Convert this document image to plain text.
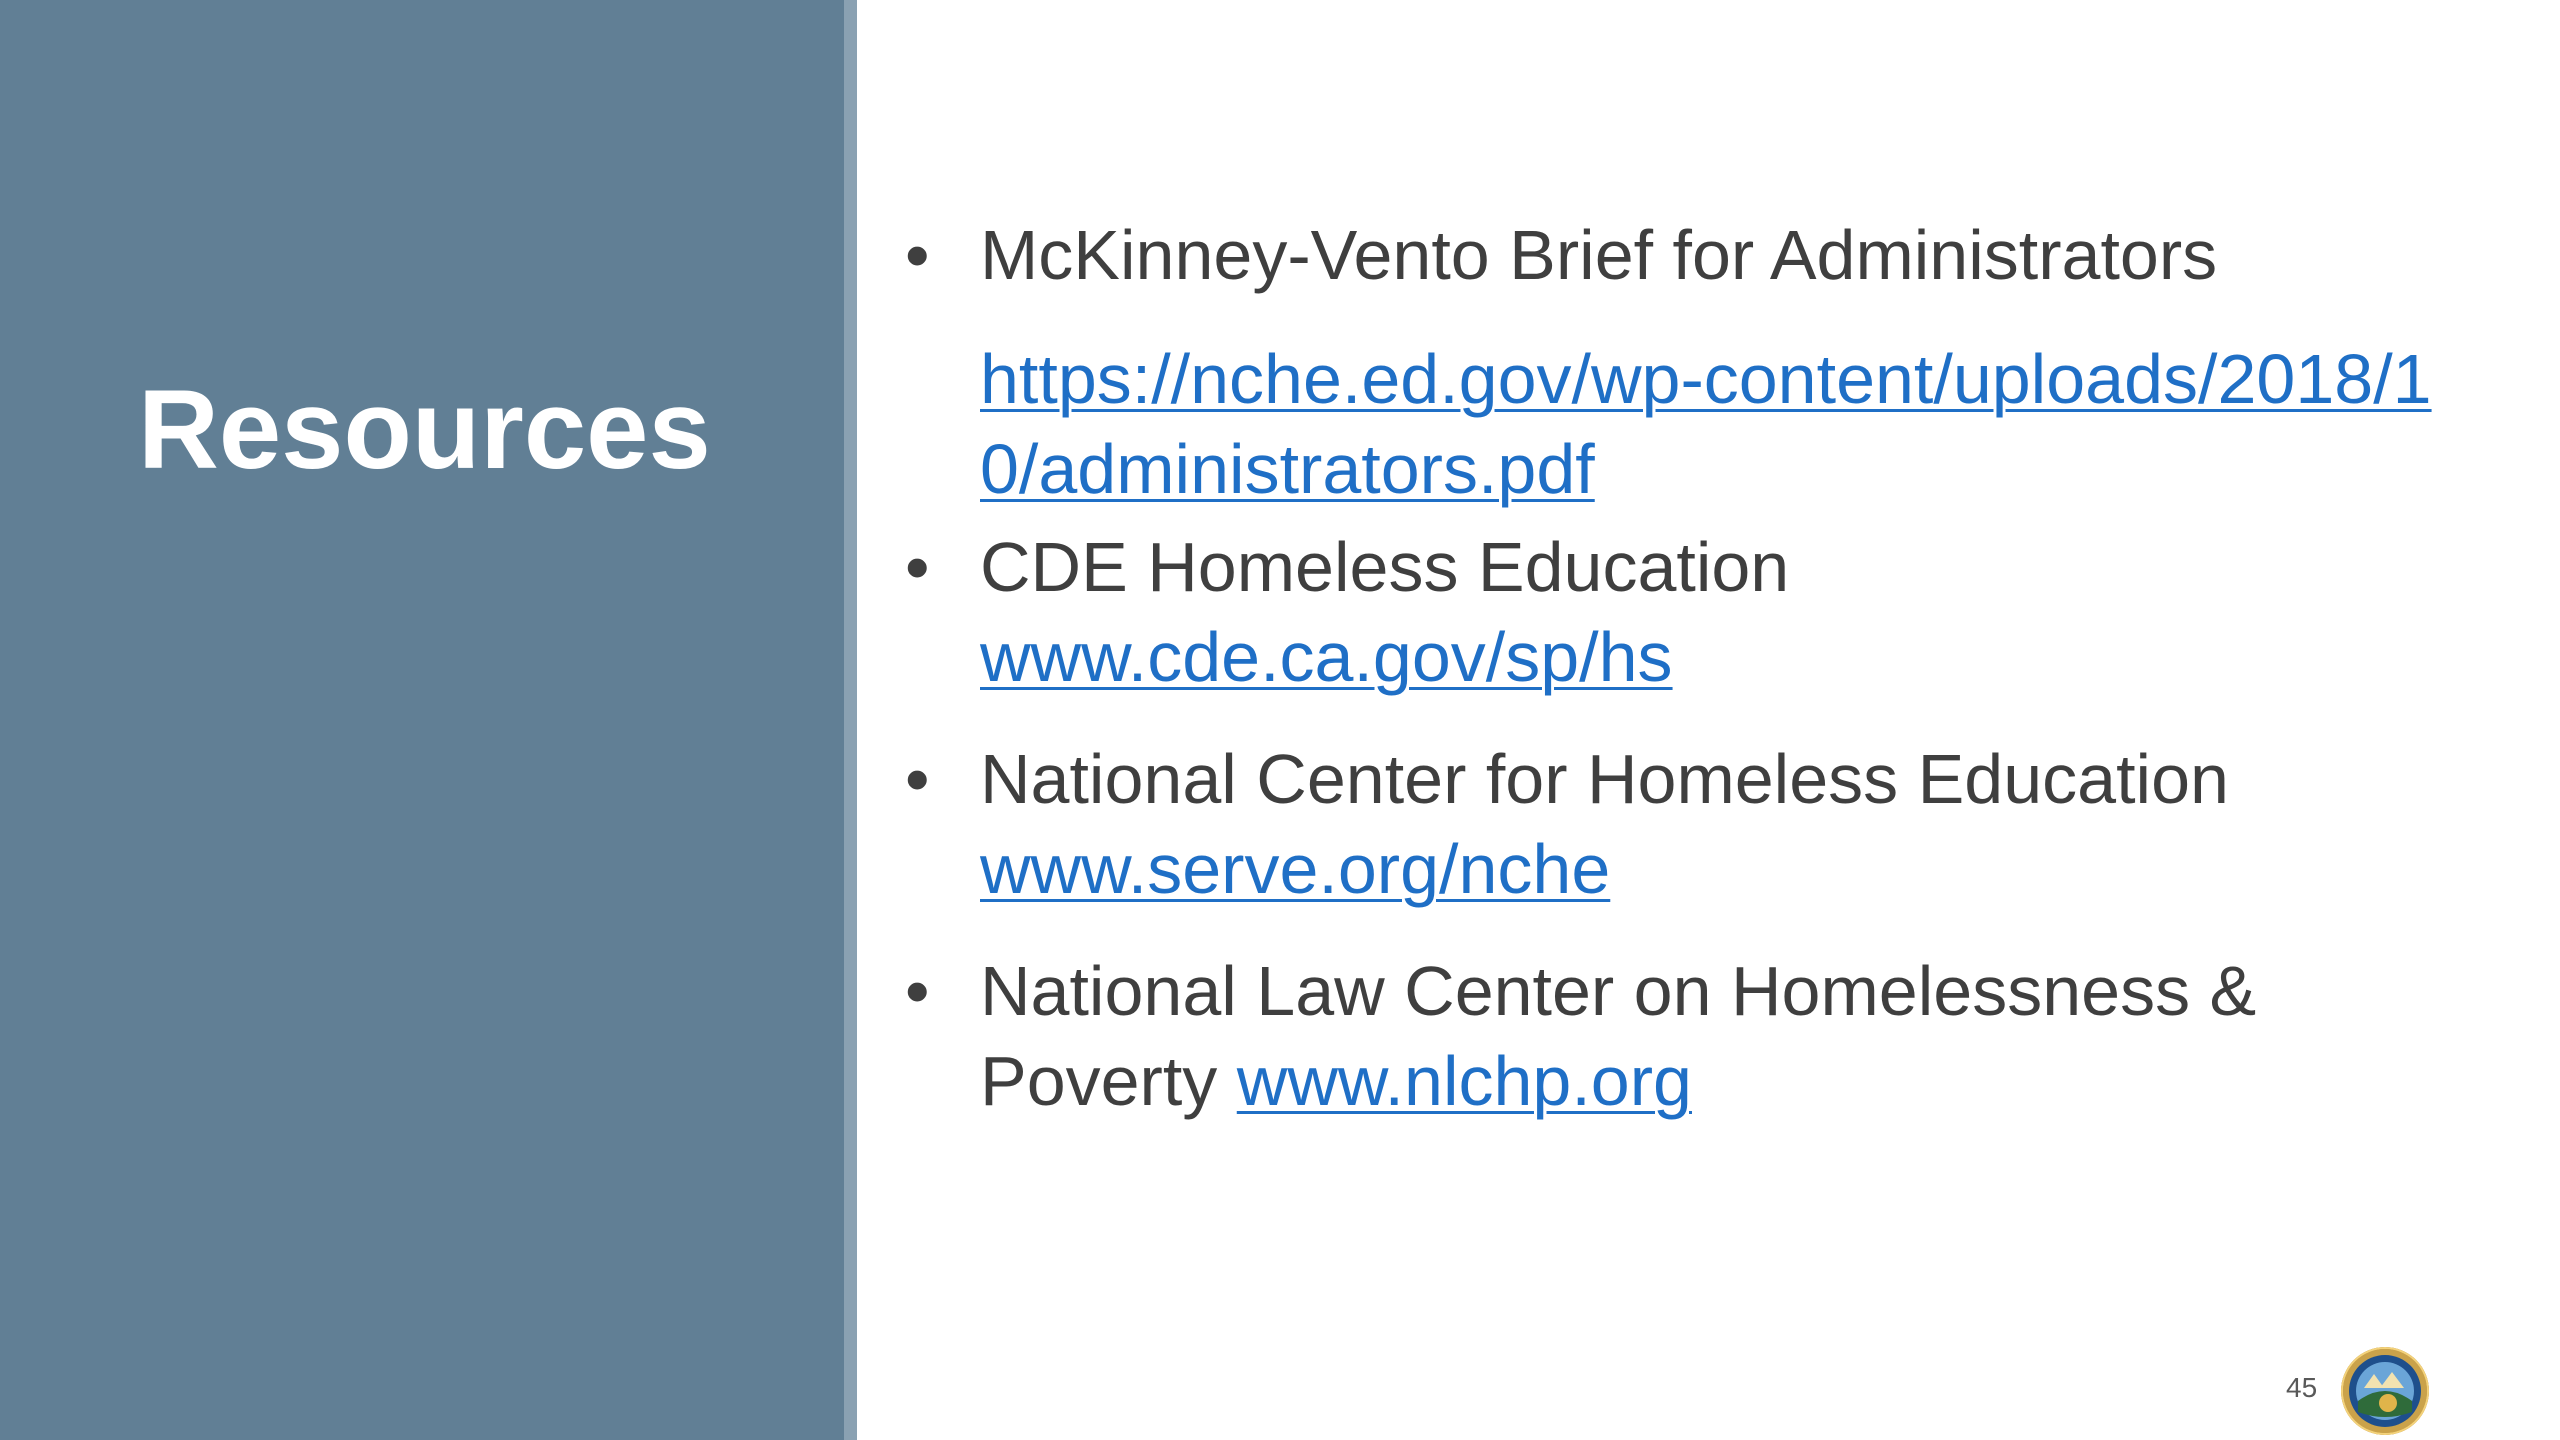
Resources
• McKinney-Vento Brief for Administrators
https://nche.ed.gov/wp-content/uploads/2018/10/administrators.pdf
• CDE Homeless Education
www.cde.ca.gov/sp/hs
• National Center for Homeless Education
www.serve.org/nche
• National Law Center on Homelessness & Poverty www.nlchp.org
45
